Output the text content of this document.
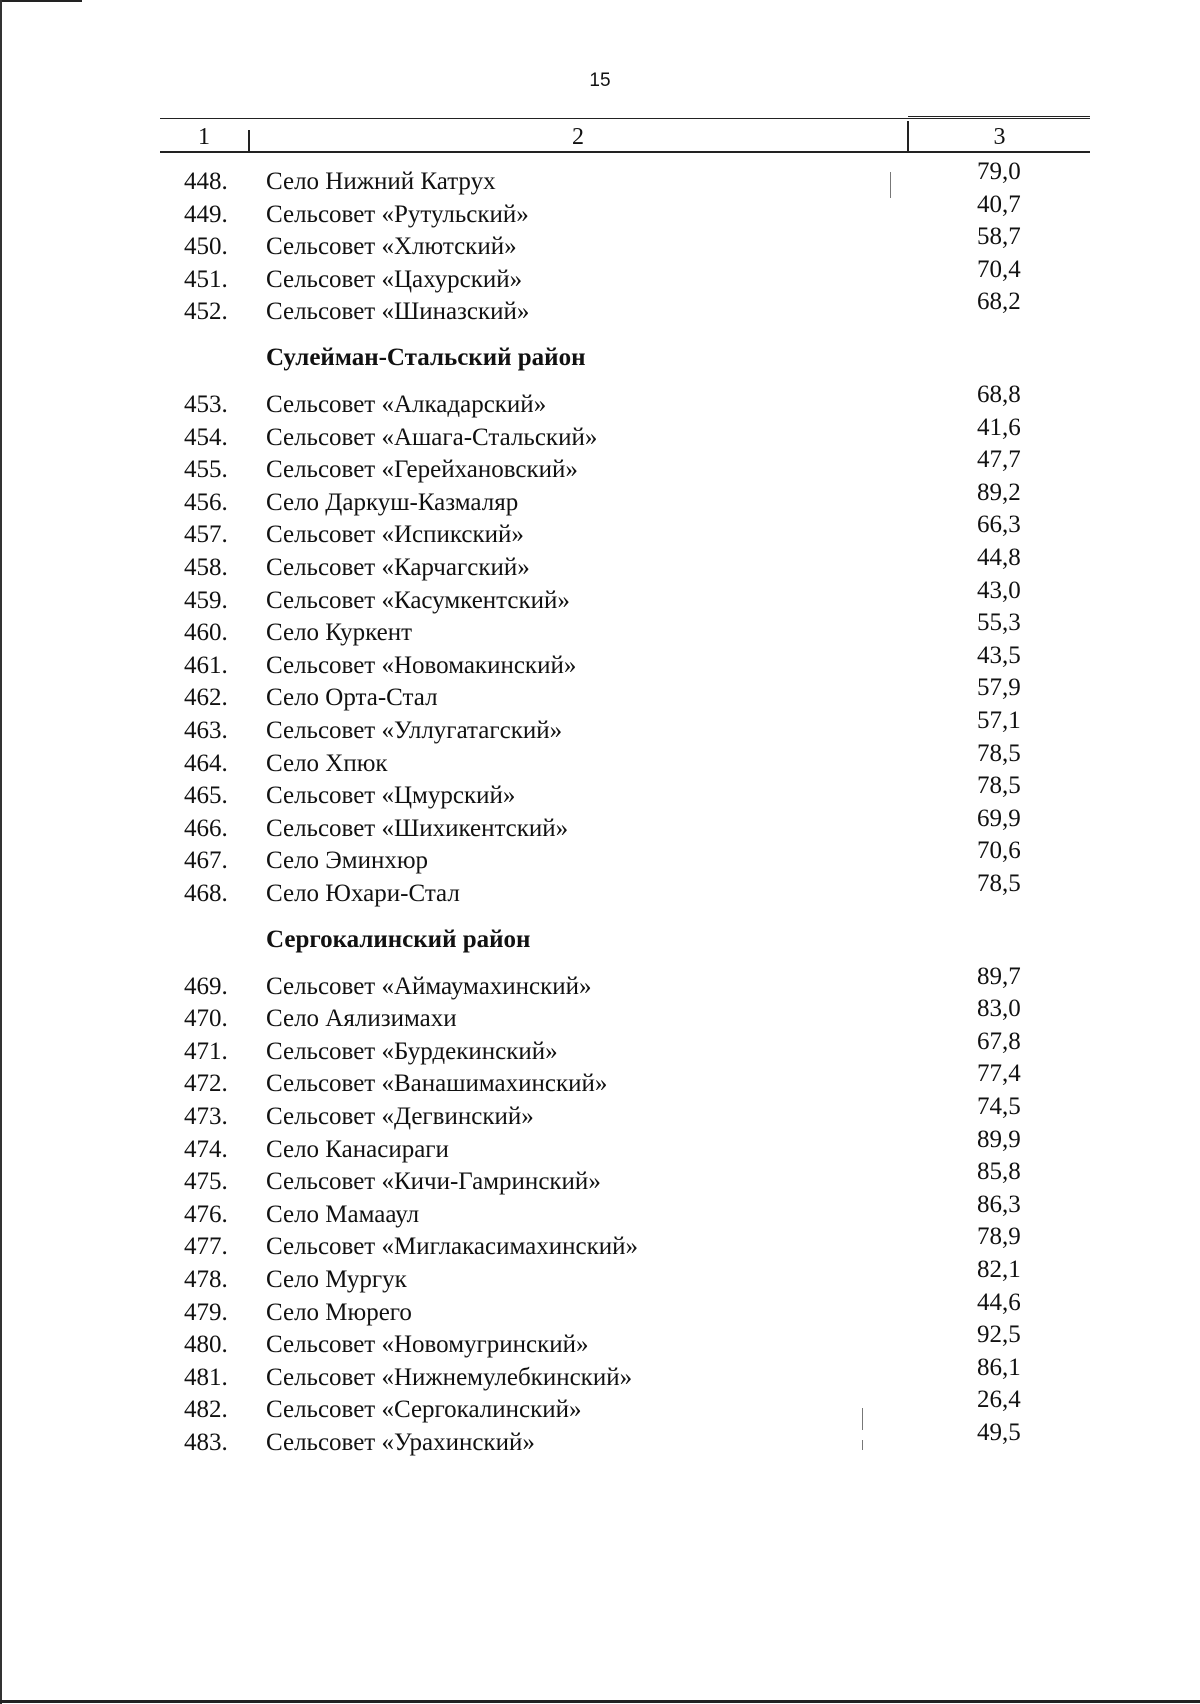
15
1	2	3
448. Село Нижний Катрух	79,0
449. Сельсовет «Рутульский»	40,7
450. Сельсовет «Хлютский»	58,7
451. Сельсовет «Цахурский»	70,4
452. Сельсовет «Шиназский»	68,2
Сулейман-Стальский район
453. Сельсовет «Алкадарский»	68,8
454. Сельсовет «Ашага-Стальский»	41,6
455. Сельсовет «Герейхановский»	47,7
456. Село Даркуш-Казмаляр	89,2
457. Сельсовет «Испикский»	66,3
458. Сельсовет «Карчагский»	44,8
459. Сельсовет «Касумкентский»	43,0
460. Село Куркент	55,3
461. Сельсовет «Новомакинский»	43,5
462. Село Орта-Стал	57,9
463. Сельсовет «Уллугатагский»	57,1
464. Село Хпюк	78,5
465. Сельсовет «Цмурский»	78,5
466. Сельсовет «Шихикентский»	69,9
467. Село Эминхюр	70,6
468. Село Юхари-Стал	78,5
Сергокалинский район
469. Сельсовет «Аймаумахинский»	89,7
470. Село Аялизимахи	83,0
471. Сельсовет «Бурдекинский»	67,8
472. Сельсовет «Ванашимахинский»	77,4
473. Сельсовет «Дегвинский»	74,5
474. Село Канасираги	89,9
475. Сельсовет «Кичи-Гамринский»	85,8
476. Село Мамааул	86,3
477. Сельсовет «Миглакасимахинский»	78,9
478. Село Мургук	82,1
479. Село Мюрего	44,6
480. Сельсовет «Новомугринский»	92,5
481. Сельсовет «Нижнемулебкинский»	86,1
482. Сельсовет «Сергокалинский»	26,4
483. Сельсовет «Урахинский»	49,5
